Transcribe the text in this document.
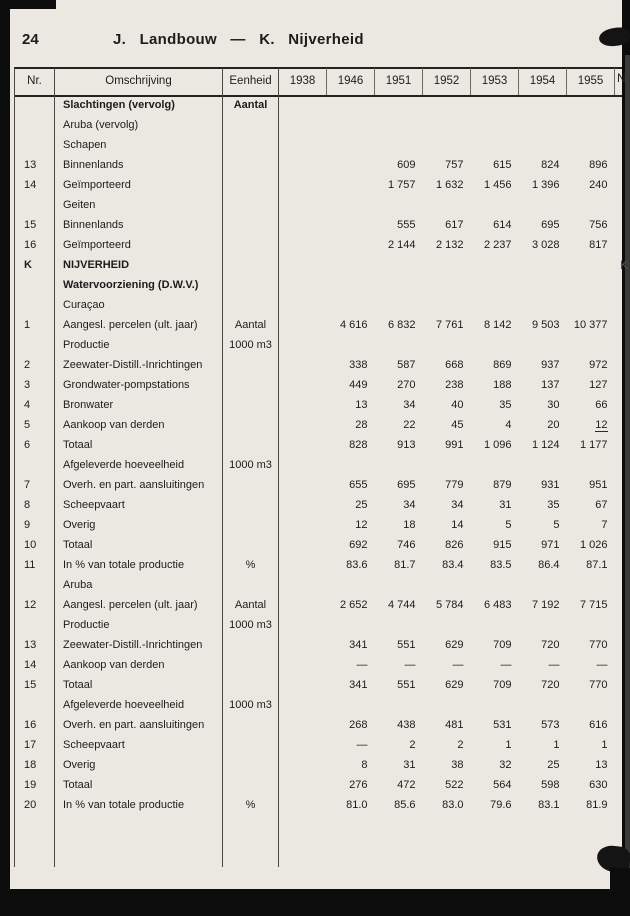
24	J. Landbouw — K. Nijverheid
Nr.	Omschrijving	Eenheid	1938	1946	1951	1952	1953	1954	1955
	Slachtingen (vervolg)	Aantal							
	Aruba (vervolg)								
	Schapen								
13	Binnenlands				609	757	615	824	896
14	Geïmporteerd				1 757	1 632	1 456	1 396	240
	Geiten								
15	Binnenlands				555	617	614	695	756
16	Geïmporteerd				2 144	2 132	2 237	3 028	817
K	NIJVERHEID								
	Watervoorziening (D.W.V.)								
	Curaçao								
1	Aangesl. percelen (ult. jaar)	Aantal		4 616	6 832	7 761	8 142	9 503	10 377
	Productie	1000 m3							
2	Zeewater-Distill.-Inrichtingen			338	587	668	869	937	972
3	Grondwater-pompstations			449	270	238	188	137	127
4	Bronwater			13	34	40	35	30	66
5	Aankoop van derden			28	22	45	4	20	12
6	Totaal			828	913	991	1 096	1 124	1 177
	Afgeleverde hoeveelheid	1000 m3							
7	Overh. en part. aansluitingen			655	695	779	879	931	951
8	Scheepvaart			25	34	34	31	35	67
9	Overig			12	18	14	5	5	7
10	Totaal			692	746	826	915	971	1 026
11	In % van totale productie	%		83.6	81.7	83.4	83.5	86.4	87.1
	Aruba								
12	Aangesl. percelen (ult. jaar)	Aantal		2 652	4 744	5 784	6 483	7 192	7 715
	Productie	1000 m3							
13	Zeewater-Distill.-Inrichtingen			341	551	629	709	720	770
14	Aankoop van derden			—	—	—	—	—	—
15	Totaal			341	551	629	709	720	770
	Afgeleverde hoeveelheid	1000 m3							
16	Overh. en part. aansluitingen			268	438	481	531	573	616
17	Scheepvaart			—	2	2	1	1	1
18	Overig			8	31	38	32	25	13
19	Totaal			276	472	522	564	598	630
20	In % van totale productie	%		81.0	85.6	83.0	79.6	83.1	81.9

N
K
